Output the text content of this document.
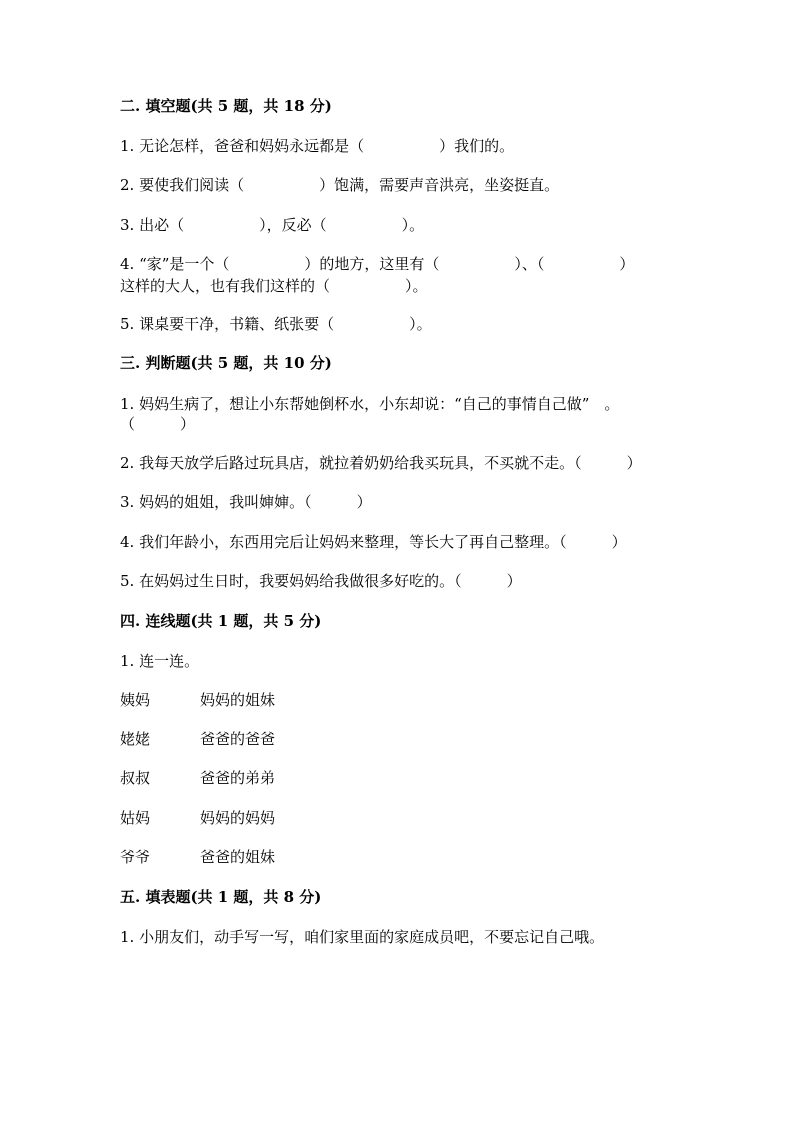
二. 填空题(共 5 题，共 18 分)
1. 无论怎样，爸爸和妈妈永远都是（　　　　　）我们的。
2. 要使我们阅读（　　　　　）饱满，需要声音洪亮，坐姿挺直。
3. 出必（　　　　　），反必（　　　　　）。
4. “家”是一个（　　　　　）的地方，这里有（　　　　　）、（　　　　　）
这样的大人，也有我们这样的（　　　　　）。
5. 课桌要干净，书籍、纸张要（　　　　　）。
三. 判断题(共 5 题，共 10 分)
1. 妈妈生病了，想让小东帮她倒杯水，小东却说：“自己的事情自己做”　。
（　　　）
2. 我每天放学后路过玩具店，就拉着奶奶给我买玩具，不买就不走。（　　　）
3. 妈妈的姐姐，我叫婶婶。（　　　）
4. 我们年龄小，东西用完后让妈妈来整理，等长大了再自己整理。（　　　）
5. 在妈妈过生日时，我要妈妈给我做很多好吃的。（　　　）
四. 连线题(共 1 题，共 5 分)
1. 连一连。
姨妈	妈妈的姐妹
姥姥	爸爸的爸爸
叔叔	爸爸的弟弟
姑妈	妈妈的妈妈
爷爷	爸爸的姐妹
五. 填表题(共 1 题，共 8 分)
1. 小朋友们，动手写一写，咱们家里面的家庭成员吧，不要忘记自己哦。
